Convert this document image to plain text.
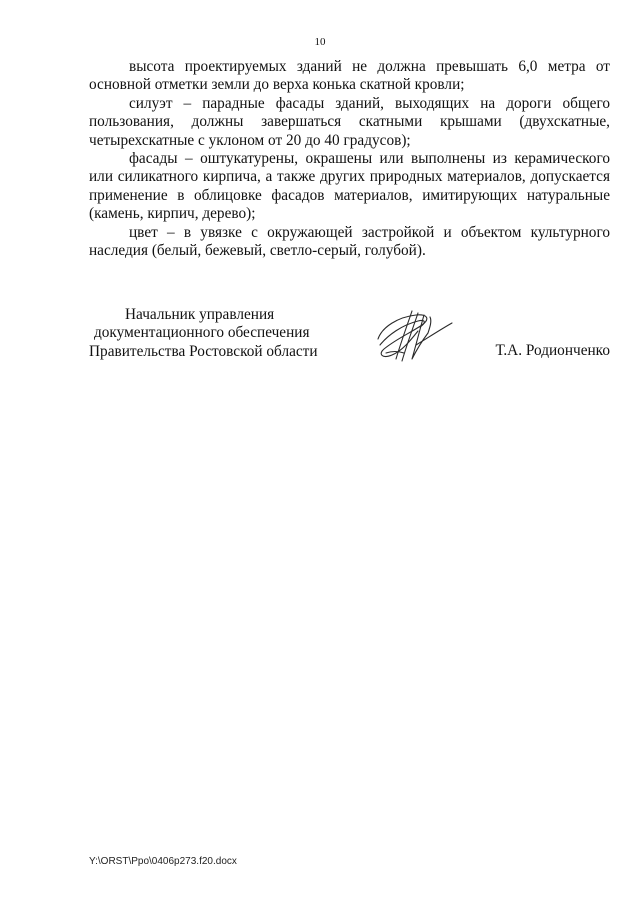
10

высота проектируемых зданий не должна превышать 6,0 метра от основной отметки земли до верха конька скатной кровли;

силуэт – парадные фасады зданий, выходящих на дороги общего пользования, должны завершаться скатными крышами (двухскатные, четырехскатные с уклоном от 20 до 40 градусов);

фасады – оштукатурены, окрашены или выполнены из керамического или силикатного кирпича, а также других природных материалов, допускается применение в облицовке фасадов материалов, имитирующих натуральные (камень, кирпич, дерево);

цвет – в увязке с окружающей застройкой и объектом культурного наследия (белый, бежевый, светло-серый, голубой).

Начальник управления
документационного обеспечения
Правительства Ростовской области	Т.А. Родионченко
Y:\ORST\Ppo\0406p273.f20.docx
